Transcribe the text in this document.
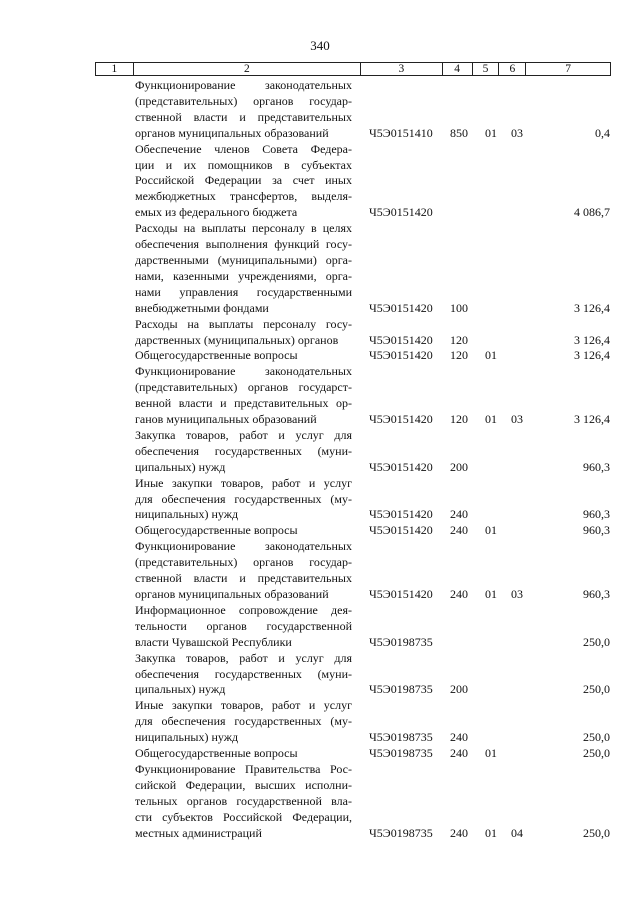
340
1	2	3	4	5	6	7
Функционирование законодательных
(представительных) органов государ-
ственной власти и представительных
органов муниципальных образований	Ч5Э0151410 850 01 03	0,4
Обеспечение членов Совета Федера-
ции и их помощников в субъектах
Российской Федерации за счет иных
межбюджетных трансфертов, выделя-
емых из федерального бюджета	Ч5Э0151420	4 086,7
Расходы на выплаты персоналу в целях
обеспечения выполнения функций госу-
дарственными (муниципальными) орга-
нами, казенными учреждениями, орга-
нами управления государственными
внебюджетными фондами	Ч5Э0151420 100	3 126,4
Расходы на выплаты персоналу госу-
дарственных (муниципальных) органов	Ч5Э0151420 120	3 126,4
Общегосударственные вопросы	Ч5Э0151420 120 01	3 126,4
Функционирование законодательных
(представительных) органов государст-
венной власти и представительных ор-
ганов муниципальных образований	Ч5Э0151420 120 01 03	3 126,4
Закупка товаров, работ и услуг для
обеспечения государственных (муни-
ципальных) нужд	Ч5Э0151420 200	960,3
Иные закупки товаров, работ и услуг
для обеспечения государственных (му-
ниципальных) нужд	Ч5Э0151420 240	960,3
Общегосударственные вопросы	Ч5Э0151420 240 01	960,3
Функционирование законодательных
(представительных) органов государ-
ственной власти и представительных
органов муниципальных образований	Ч5Э0151420 240 01 03	960,3
Информационное сопровождение дея-
тельности органов государственной
власти Чувашской Республики	Ч5Э0198735	250,0
Закупка товаров, работ и услуг для
обеспечения государственных (муни-
ципальных) нужд	Ч5Э0198735 200	250,0
Иные закупки товаров, работ и услуг
для обеспечения государственных (му-
ниципальных) нужд	Ч5Э0198735 240	250,0
Общегосударственные вопросы	Ч5Э0198735 240 01	250,0
Функционирование Правительства Рос-
сийской Федерации, высших исполни-
тельных органов государственной вла-
сти субъектов Российской Федерации,
местных администраций	Ч5Э0198735 240 01 04	250,0
